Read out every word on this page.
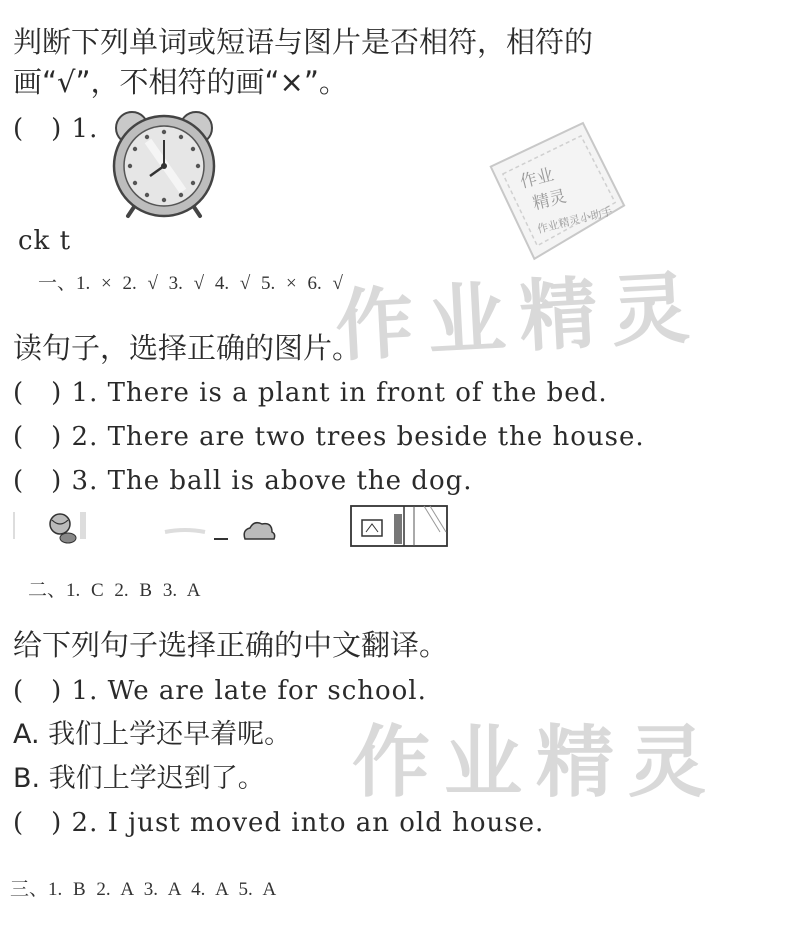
作业精灵
作业精灵
作业
精灵
作业精灵小助手
判断下列单词或短语与图片是否相符，相符的
画“√”，不相符的画“×”。
(　) 1.
ck t
一、1. × 2. √ 3. √ 4. √ 5. × 6. √
读句子，选择正确的图片。
(　) 1. There is a plant in front of the bed.
(　) 2. There are two trees beside the house.
(　) 3. The ball is above the dog.
二、1. C 2. B 3. A
给下列句子选择正确的中文翻译。
(　) 1. We are late for school.
A. 我们上学还早着呢。
B. 我们上学迟到了。
(　) 2. I just moved into an old house.
三、1. B 2. A 3. A 4. A 5. A
